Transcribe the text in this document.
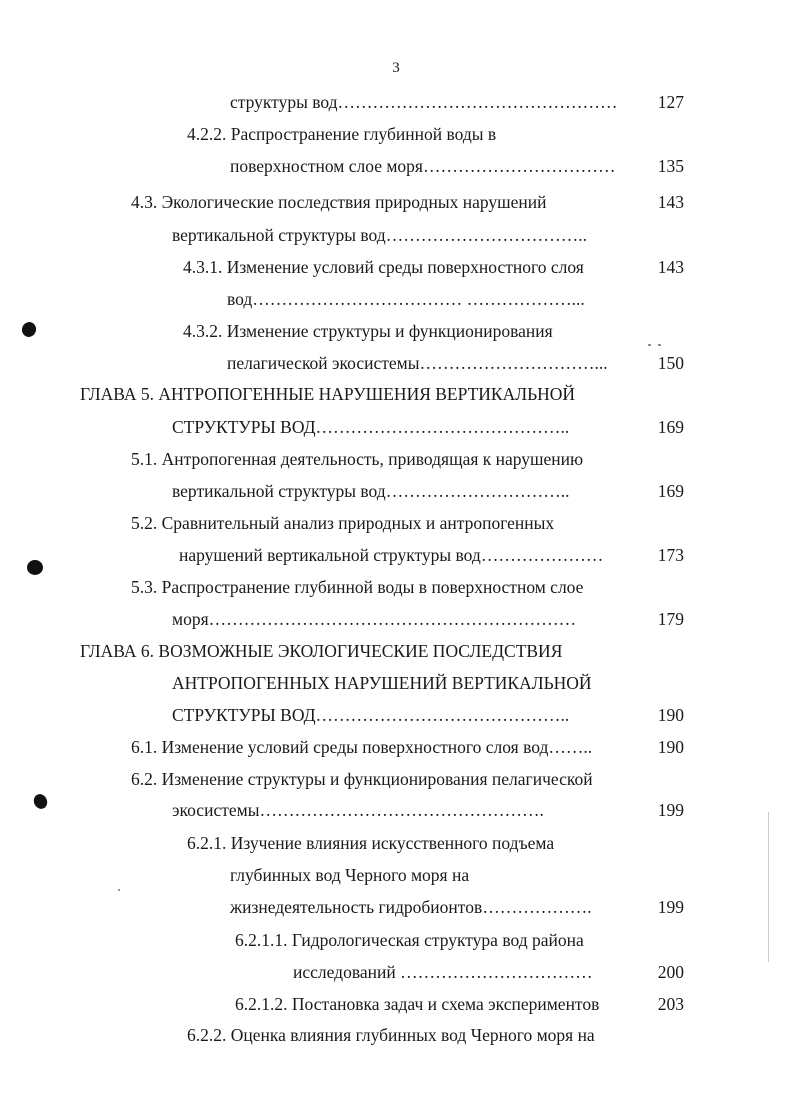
3
структуры вод…………………………………………	127
4.2.2. Распространение глубинной воды в
поверхностном слое моря……………………………	135
4.3. Экологические последствия природных нарушений	143
вертикальной структуры вод……………………………..
4.3.1. Изменение условий среды поверхностного слоя	143
вод……………………………… ………………...
4.3.2. Изменение структуры и функционирования
пелагической экосистемы…………………………...	150
ГЛАВА 5. АНТРОПОГЕННЫЕ НАРУШЕНИЯ ВЕРТИКАЛЬНОЙ
СТРУКТУРЫ ВОД……………………………………..	169
5.1. Антропогенная деятельность, приводящая к нарушению
вертикальной структуры вод…………………………..	169
5.2. Сравнительный анализ природных и антропогенных
нарушений вертикальной структуры вод…………………	173
5.3. Распространение глубинной воды в поверхностном слое
моря………………………………………………………	179
ГЛАВА 6. ВОЗМОЖНЫЕ ЭКОЛОГИЧЕСКИЕ ПОСЛЕДСТВИЯ
АНТРОПОГЕННЫХ НАРУШЕНИЙ ВЕРТИКАЛЬНОЙ
СТРУКТУРЫ ВОД……………………………………..	190
6.1. Изменение условий среды поверхностного слоя вод……..	190
6.2. Изменение структуры и функционирования пелагической
экосистемы………………………………………….	199
6.2.1. Изучение влияния искусственного подъема
глубинных вод Черного моря на
жизнедеятельность гидробионтов……………….	199
6.2.1.1. Гидрологическая структура вод района
исследований ……………………………	200
6.2.1.2. Постановка задач и схема экспериментов	203
6.2.2. Оценка влияния глубинных вод Черного моря на
